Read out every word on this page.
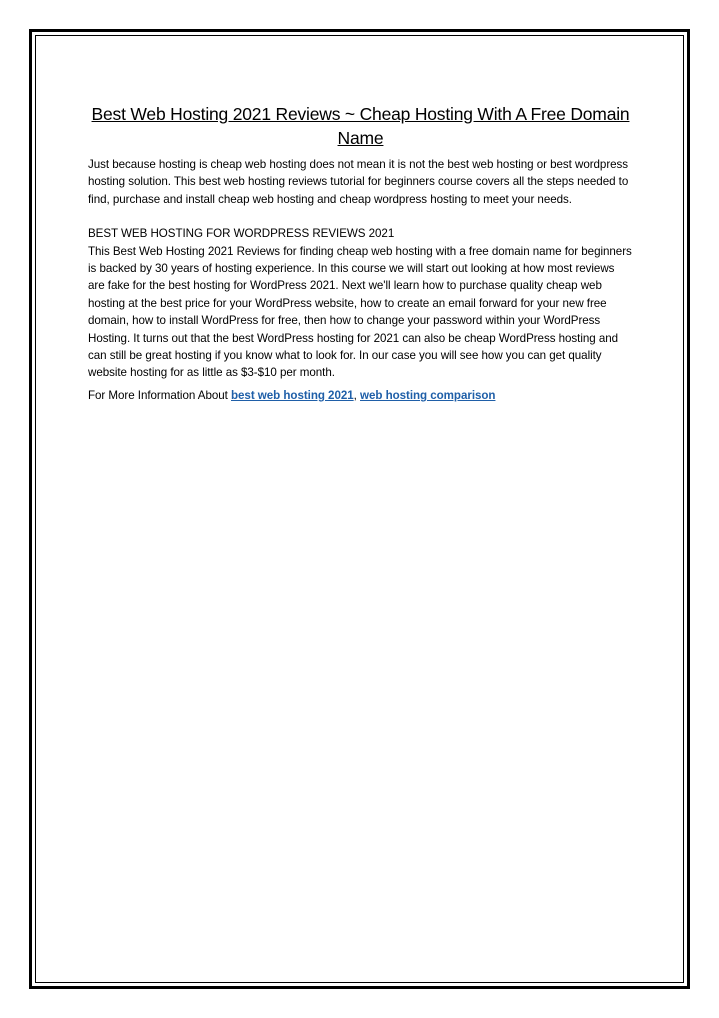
Best Web Hosting 2021 Reviews ~ Cheap Hosting With A Free Domain Name

Just because hosting is cheap web hosting does not mean it is not the best web hosting or best wordpress hosting solution. This best web hosting reviews tutorial for beginners course covers all the steps needed to find, purchase and install cheap web hosting and cheap wordpress hosting to meet your needs.

BEST WEB HOSTING FOR WORDPRESS REVIEWS 2021

This Best Web Hosting 2021 Reviews for finding cheap web hosting with a free domain name for beginners is backed by 30 years of hosting experience. In this course we will start out looking at how most reviews are fake for the best hosting for WordPress 2021. Next we'll learn how to purchase quality cheap web hosting at the best price for your WordPress website, how to create an email forward for your new free domain, how to install WordPress for free, then how to change your password within your WordPress Hosting. It turns out that the best WordPress hosting for 2021 can also be cheap WordPress hosting and can still be great hosting if you know what to look for. In our case you will see how you can get quality website hosting for as little as $3-$10 per month.

For More Information About best web hosting 2021, web hosting comparison
